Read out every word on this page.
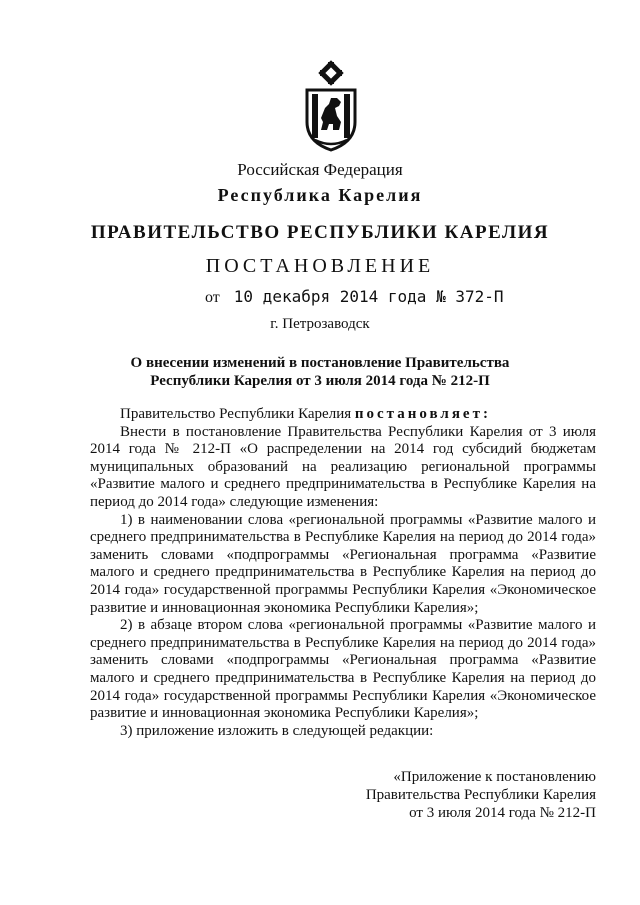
Российская Федерация
Республика Карелия
ПРАВИТЕЛЬСТВО РЕСПУБЛИКИ КАРЕЛИЯ
ПОСТАНОВЛЕНИЕ
от 10 декабря 2014 года № 372-П
г. Петрозаводск
О внесении изменений в постановление Правительства
Республики Карелия от 3 июля 2014 года № 212-П

Правительство Республики Карелия постановляет:

Внести в постановление Правительства Республики Карелия от 3 июля 2014 года № 212-П «О распределении на 2014 год субсидий бюджетам муниципальных образований на реализацию региональной программы «Развитие малого и среднего предпринимательства в Республике Карелия на период до 2014 года» следующие изменения:

1) в наименовании слова «региональной программы «Развитие малого и среднего предпринимательства в Республике Карелия на период до 2014 года» заменить словами «подпрограммы «Региональная программа «Развитие малого и среднего предпринимательства в Республике Карелия на период до 2014 года» государственной программы Республики Карелия «Экономическое развитие и инновационная экономика Республики Карелия»;

2) в абзаце втором слова «региональной программы «Развитие малого и среднего предпринимательства в Республике Карелия на период до 2014 года» заменить словами «подпрограммы «Региональная программа «Развитие малого и среднего предпринимательства в Республике Карелия на период до 2014 года» государственной программы Республики Карелия «Экономическое развитие и инновационная экономика Республики Карелия»;

3) приложение изложить в следующей редакции:

«Приложение к постановлению
Правительства Республики Карелия
от 3 июля 2014 года № 212-П
